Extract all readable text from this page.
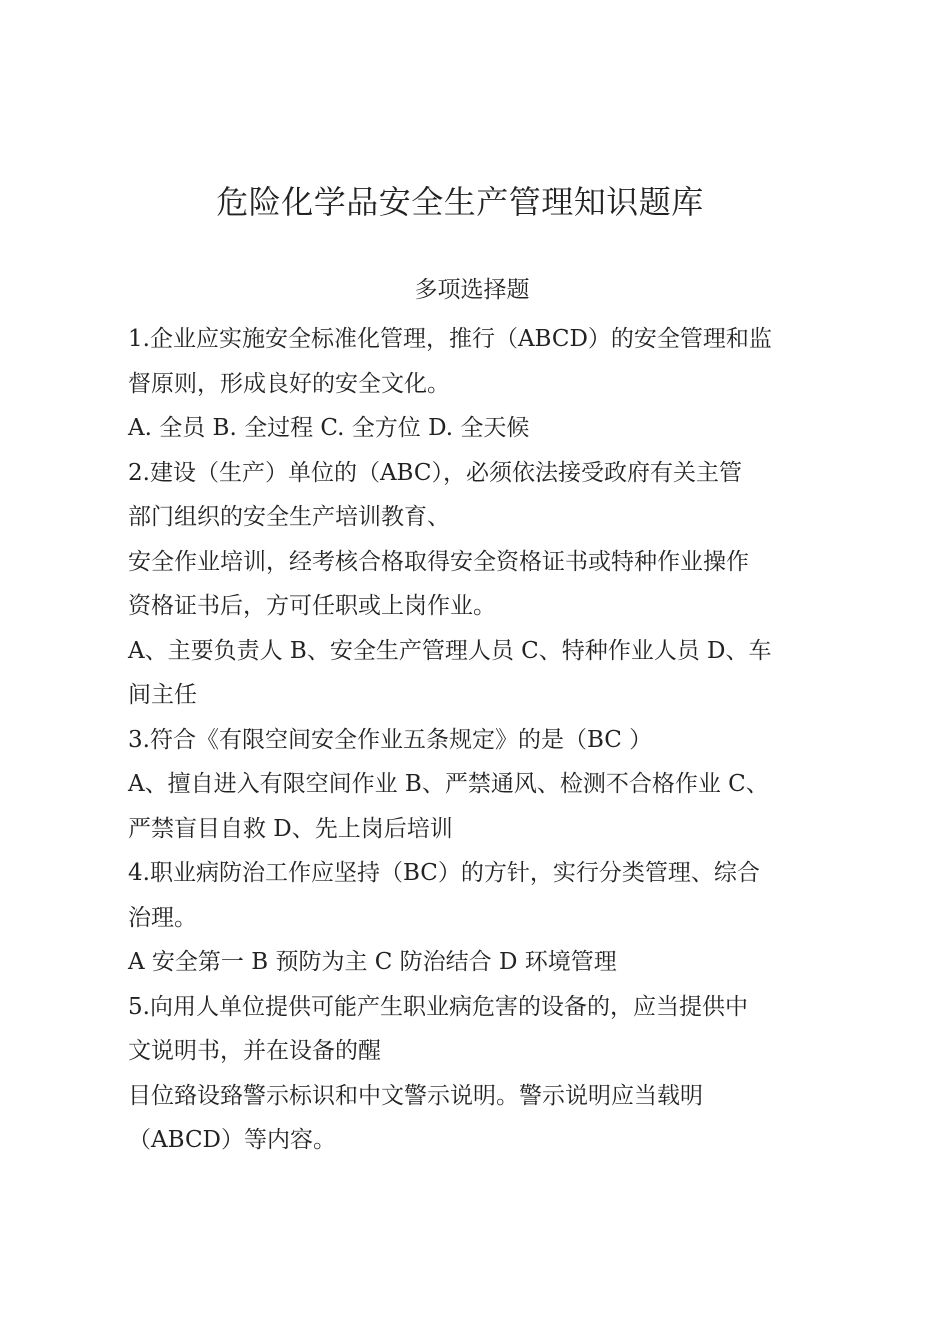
危险化学品安全生产管理知识题库
多项选择题

1.企业应实施安全标准化管理，推行（ABCD）的安全管理和监

督原则，形成良好的安全文化。

A. 全员 B. 全过程 C. 全方位 D. 全天候

2.建设（生产）单位的（ABC），必须依法接受政府有关主管

部门组织的安全生产培训教育、

安全作业培训，经考核合格取得安全资格证书或特种作业操作

资格证书后，方可任职或上岗作业。

A、主要负责人 B、安全生产管理人员 C、特种作业人员 D、车

间主任

3.符合《有限空间安全作业五条规定》的是（BC ）

A、擅自进入有限空间作业 B、严禁通风、检测不合格作业 C、

严禁盲目自救 D、先上岗后培训

4.职业病防治工作应坚持（BC）的方针，实行分类管理、综合

治理。

A 安全第一 B 预防为主 C 防治结合 D 环境管理

5.向用人单位提供可能产生职业病危害的设备的，应当提供中

文说明书，并在设备的醒

目位臵设臵警示标识和中文警示说明。警示说明应当载明

（ABCD）等内容。
